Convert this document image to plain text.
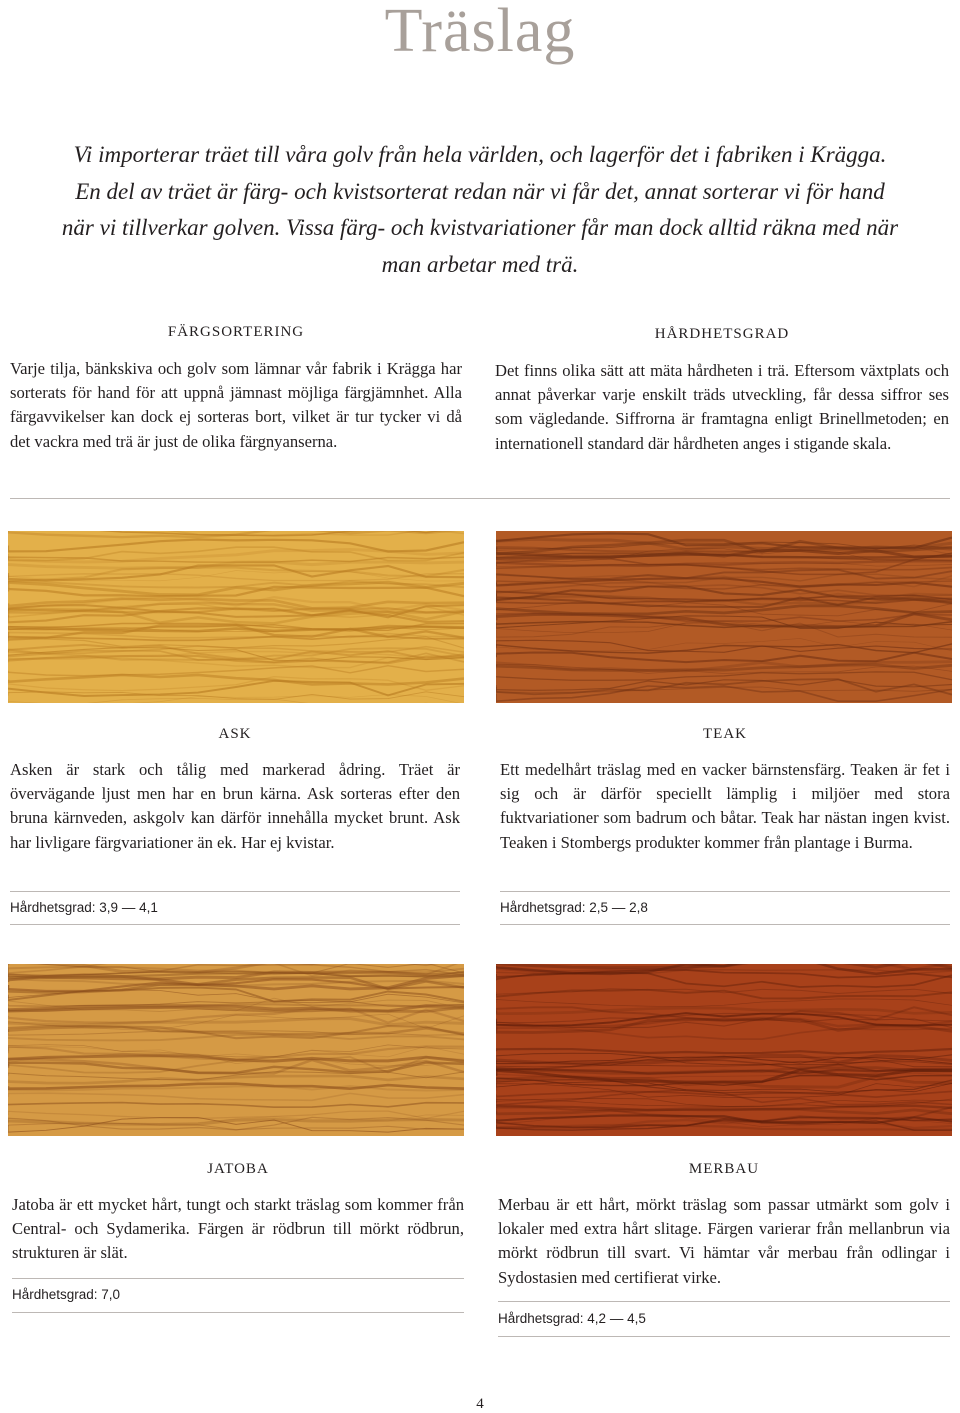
Träslag
Vi importerar träet till våra golv från hela världen, och lagerför det i fabriken i Krägga. En del av träet är färg- och kvistsorterat redan när vi får det, annat sorterar vi för hand när vi tillverkar golven. Vissa färg- och kvistvariationer får man dock alltid räkna med när man arbetar med trä.
FÄRGSORTERING
Varje tilja, bänkskiva och golv som lämnar vår fabrik i Krägga har sorterats för hand för att uppnå jämnast möjliga färgjämnhet. Alla färgavvikelser kan dock ej sorteras bort, vilket är tur tycker vi då det vackra med trä är just de olika färgnyanserna.
HÅRDHETSGRAD
Det finns olika sätt att mäta hårdheten i trä. Eftersom växtplats och annat påverkar varje enskilt träds utveckling, får dessa siffror ses som vägledande. Siffrorna är framtagna enligt Brinellmetoden; en internationell standard där hårdheten anges i stigande skala.
ASK
Asken är stark och tålig med markerad ådring. Träet är övervägande ljust men har en brun kärna. Ask sorteras efter den bruna kärnveden, askgolv kan därför innehålla mycket brunt. Ask har livligare färgvariationer än ek. Har ej kvistar.
Hårdhetsgrad: 3,9 — 4,1
TEAK
Ett medelhårt träslag med en vacker bärnstensfärg. Teaken är fet i sig och är därför speciellt lämplig i miljöer med stora fuktvariationer som badrum och båtar. Teak har nästan ingen kvist. Teaken i Stombergs produkter kommer från plantage i Burma.
Hårdhetsgrad: 2,5 — 2,8
JATOBA
Jatoba är ett mycket hårt, tungt och starkt träslag som kommer från Central- och Sydamerika. Färgen är rödbrun till mörkt rödbrun, strukturen är slät.
Hårdhetsgrad: 7,0
MERBAU
Merbau är ett hårt, mörkt träslag som passar utmärkt som golv i lokaler med extra hårt slitage. Färgen varierar från mellanbrun via mörkt rödbrun till svart. Vi hämtar vår merbau från odlingar i Sydostasien med certifierat virke.
Hårdhetsgrad: 4,2 — 4,5
4
